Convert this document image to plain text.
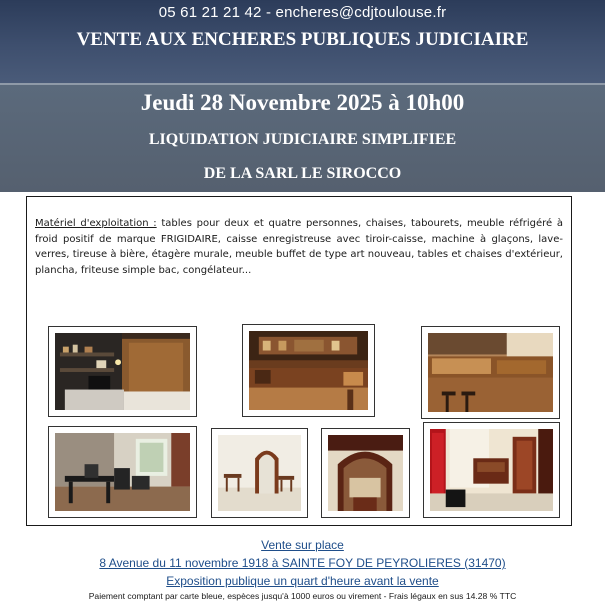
05 61 21 21 42 - encheres@cdjtoulouse.fr
VENTE AUX ENCHERES PUBLIQUES JUDICIAIRE
Jeudi 28 Novembre 2025 à 10h00
LIQUIDATION JUDICIAIRE SIMPLIFIEE
DE LA SARL LE SIROCCO
Matériel d'exploitation : tables pour deux et quatre personnes, chaises, tabourets, meuble réfrigéré à froid positif de marque FRIGIDAIRE, caisse enregistreuse avec tiroir-caisse, machine à glaçons, lave-verres, tireuse à bière, étagère murale, meuble buffet de type art nouveau, tables et chaises d'extérieur, plancha, friteuse simple bac, congélateur...
Vente sur place
8 Avenue du 11 novembre 1918 à SAINTE FOY DE PEYROLIERES (31470)
Exposition publique un quart d'heure avant la vente
Paiement comptant par carte bleue, espèces jusqu'à 1000 euros ou virement - Frais légaux en sus 14.28 % TTC
